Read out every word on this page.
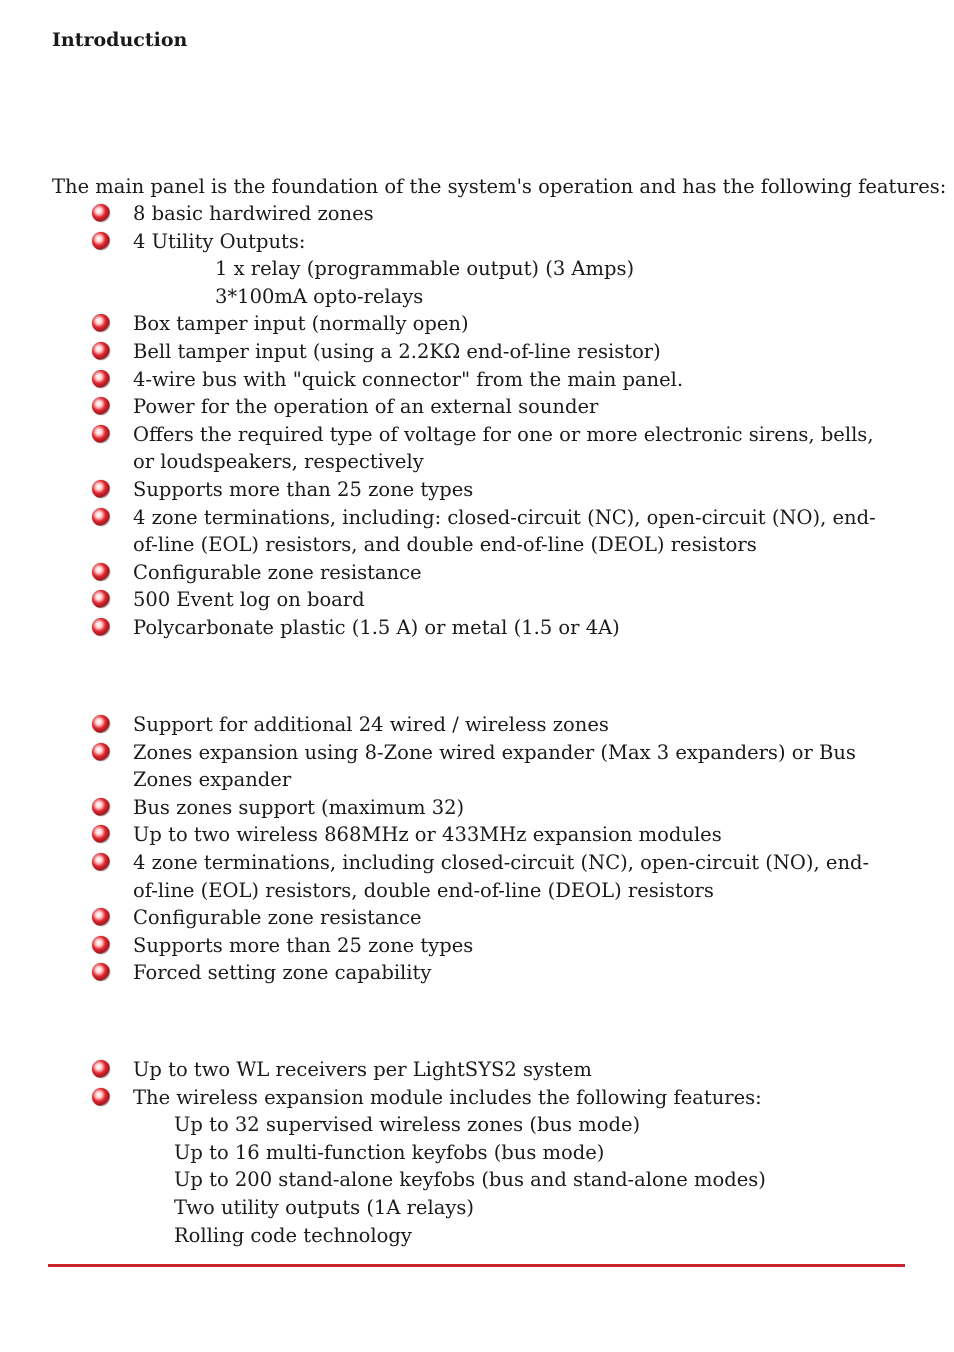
Introduction
The main panel is the foundation of the system's operation and has the following features:
8 basic hardwired zones
4 Utility Outputs:
1 x relay (programmable output) (3 Amps)
3*100mA opto-relays
Box tamper input (normally open)
Bell tamper input (using a 2.2KΩ end-of-line resistor)
4-wire bus with "quick connector" from the main panel.
Power for the operation of an external sounder
Offers the required type of voltage for one or more electronic sirens, bells, or loudspeakers, respectively
Supports more than 25 zone types
4 zone terminations, including: closed-circuit (NC), open-circuit (NO), end-of-line (EOL) resistors, and double end-of-line (DEOL) resistors
Configurable zone resistance
500 Event log on board
Polycarbonate plastic (1.5 A) or metal (1.5 or 4A)
Support for additional 24 wired / wireless zones
Zones expansion using 8-Zone wired expander (Max 3 expanders) or Bus Zones expander
Bus zones support (maximum 32)
Up to two wireless 868MHz or 433MHz expansion modules
4 zone terminations, including closed-circuit (NC), open-circuit (NO), end-of-line (EOL) resistors, double end-of-line (DEOL) resistors
Configurable zone resistance
Supports more than 25 zone types
Forced setting zone capability
Up to two WL receivers per LightSYS2 system
The wireless expansion module includes the following features:
Up to 32 supervised wireless zones (bus mode)
Up to 16 multi-function keyfobs (bus mode)
Up to 200 stand-alone keyfobs (bus and stand-alone modes)
Two utility outputs (1A relays)
Rolling code technology
